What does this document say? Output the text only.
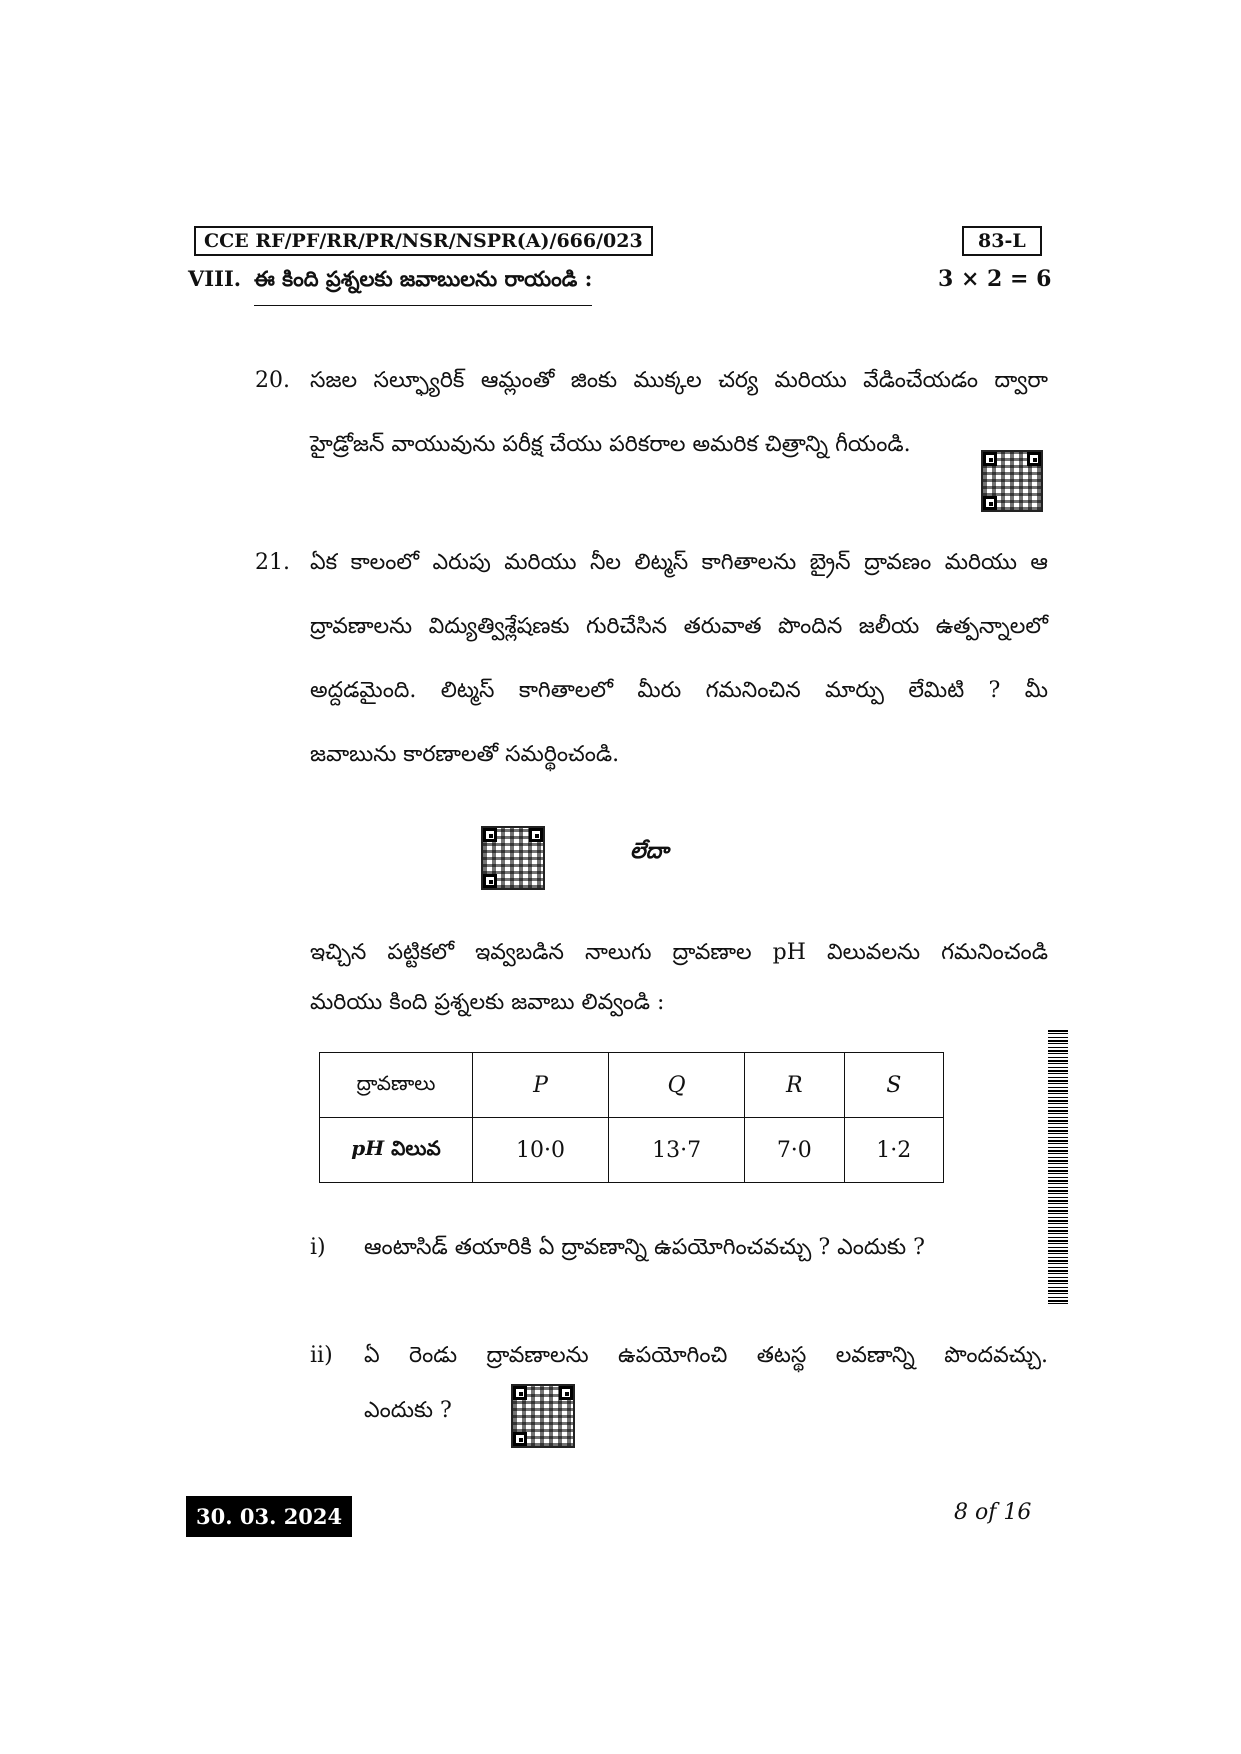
CCE RF/PF/RR/PR/NSR/NSPR(A)/666/023	83-L
VIII. ఈ కింది ప్రశ్నలకు జవాబులను రాయండి :	3 × 2 = 6
20. సజల సల్ఫ్యూరిక్ ఆమ్లంతో జింకు ముక్కల చర్య మరియు వేడించేయడం ద్వారా
హైడ్రోజన్ వాయువును పరీక్ష చేయు పరికరాల అమరిక చిత్రాన్ని గీయండి.
21. ఏక కాలంలో ఎరుపు మరియు నీల లిట్మస్ కాగితాలను బ్రైన్ ద్రావణం మరియు ఆ
ద్రావణాలను విద్యుత్విశ్లేషణకు గురిచేసిన తరువాత పొందిన జలీయ ఉత్పన్నాలలో
అద్దడమైంది. లిట్మస్ కాగితాలలో మీరు గమనించిన మార్పు లేమిటి ? మీ
జవాబును కారణాలతో సమర్థించండి.
లేదా
ఇచ్చిన పట్టికలో ఇవ్వబడిన నాలుగు ద్రావణాల pH విలువలను గమనించండి
మరియు కింది ప్రశ్నలకు జవాబు లివ్వండి :
ద్రావణాలు	P	Q	R	S
pH విలువ	10·0	13·7	7·0	1·2
i) ఆంటాసిడ్ తయారికి ఏ ద్రావణాన్ని ఉపయోగించవచ్చు ? ఎందుకు ?
ii) ఏ రెండు ద్రావణాలను ఉపయోగించి తటస్థ లవణాన్ని పొందవచ్చు.
ఎందుకు ?
30. 03. 2024	8 of 16
